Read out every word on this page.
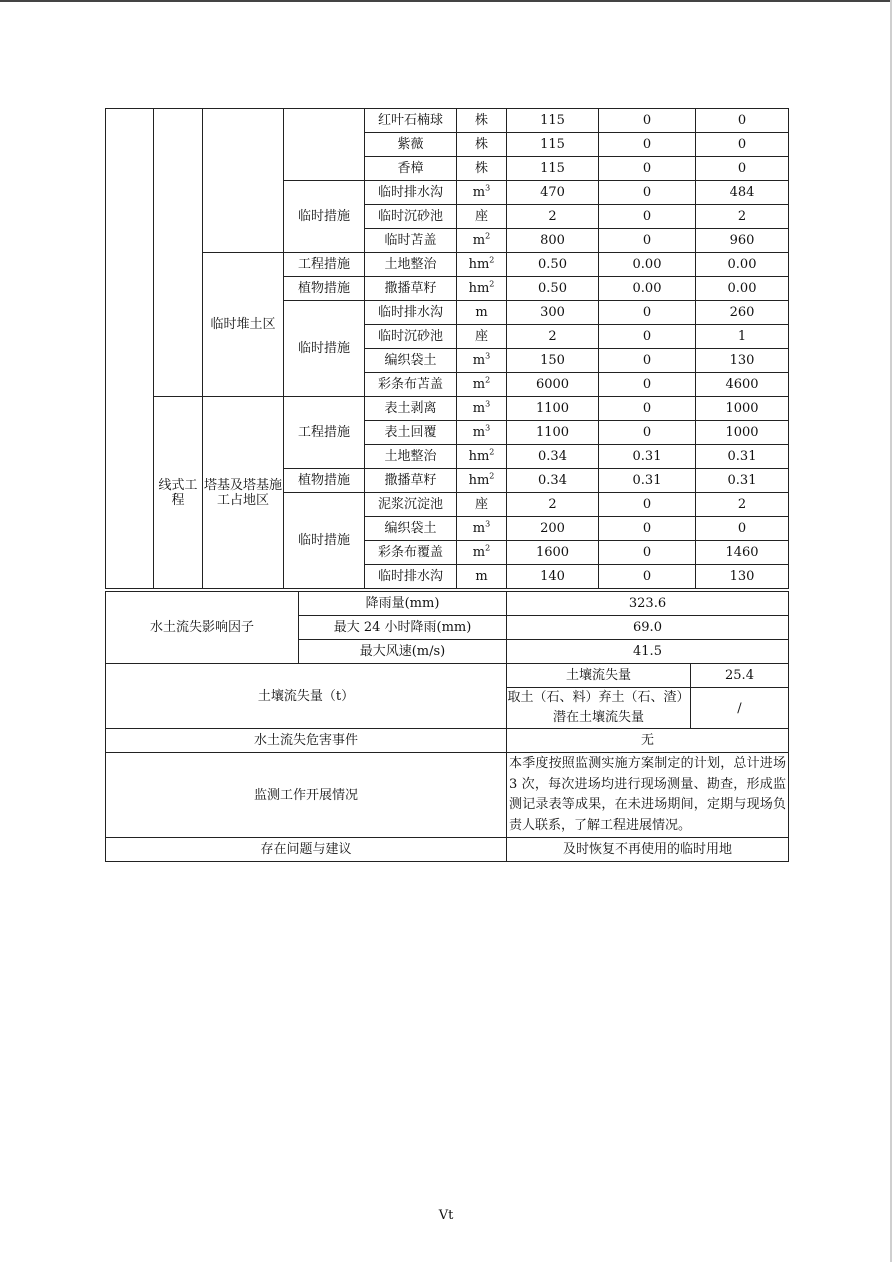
				红叶石楠球	株	115	0	0
				紫薇	株	115	0	0
				香樟	株	115	0	0
			临时措施	临时排水沟	$m^3$	470	0	484
				临时沉砂池	座	2	0	2
				临时苫盖	$m^2$	800	0	960
		临时堆土区	工程措施	土地整治	$hm^2$	0.50	0.00	0.00
			植物措施	撒播草籽	$hm^2$	0.50	0.00	0.00
			临时措施	临时排水沟	m	300	0	260
				临时沉砂池	座	2	0	1
				编织袋土	$m^3$	150	0	130
				彩条布苫盖	$m^2$	6000	0	4600
	线式工程	塔基及塔基施工占地区	工程措施	表土剥离	$m^3$	1100	0	1000
				表土回覆	$m^3$	1100	0	1000
				土地整治	$hm^2$	0.34	0.31	0.31
			植物措施	撒播草籽	$hm^2$	0.34	0.31	0.31
			临时措施	泥浆沉淀池	座	2	0	2
				编织袋土	$m^3$	200	0	0
				彩条布覆盖	$m^2$	1600	0	1460
				临时排水沟	m	140	0	130
水土流失影响因子	降雨量(mm)	323.6	
	最大 24 小时降雨(mm)	69.0	
	最大风速(m/s)	41.5	
土壤流失量（t）		土壤流失量	25.4
		取土（石、料）弃土（石、渣）潜在土壤流失量	/
水土流失危害事件		无	
监测工作开展情况		本季度按照监测实施方案制定的计划，总计进场 3 次，每次进场均进行现场测量、勘查，形成监测记录表等成果，在未进场期间，定期与现场负责人联系，了解工程进展情况。	
存在问题与建议		及时恢复不再使用的临时用地	
Vt
